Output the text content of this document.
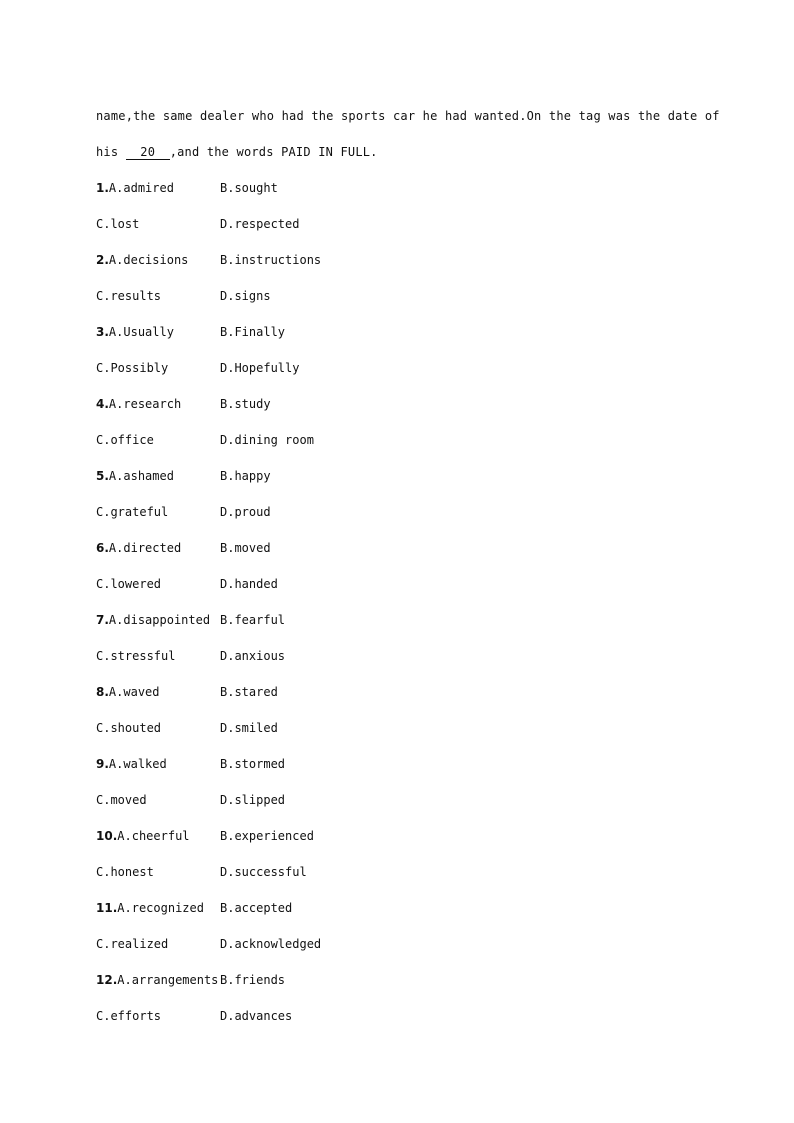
name,the same dealer who had the sports car he had wanted.On the tag was the date of
his 20 ,and the words PAID IN FULL.
1.A.admired	B.sought
C.lost	D.respected
2.A.decisions	B.instructions
C.results	D.signs
3.A.Usually	B.Finally
C.Possibly	D.Hopefully
4.A.research	B.study
C.office	D.dining room
5.A.ashamed	B.happy
C.grateful	D.proud
6.A.directed	B.moved
C.lowered	D.handed
7.A.disappointed B.fearful
C.stressful	D.anxious
8.A.waved	B.stared
C.shouted	D.smiled
9.A.walked	B.stormed
C.moved	D.slipped
10.A.cheerful	B.experienced
C.honest	D.successful
11.A.recognized	B.accepted
C.realized	D.acknowledged
12.A.arrangements B.friends
C.efforts	D.advances
